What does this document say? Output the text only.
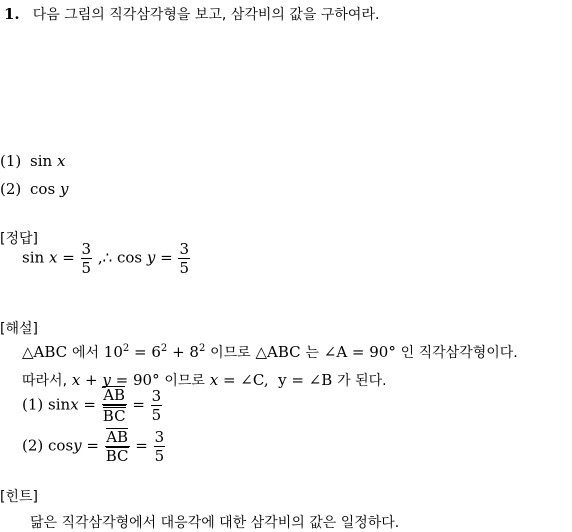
1. 다음 그림의 직각삼각형을 보고, 삼각비의 값을 구하여라.
(1) sin x
(2) cos y
[정답]
$\sin x = \frac{3}{5}$ ,∴ $\cos y = \frac{3}{5}$
[해설]
△ABC 에서 $10^2 = 6^2 + 8^2$ 이므로 △ABC 는 ∠A = 90° 인 직각삼각형이다.
따라서, x + y = 90° 이므로 x = ∠C,  y = ∠B 가 된다.
(1) $\sin x = \frac{AB}{BC} = \frac{3}{5}$
(2) $\cos y = \frac{AB}{BC} = \frac{3}{5}$
[힌트]
닮은 직각삼각형에서 대응각에 대한 삼각비의 값은 일정하다.
